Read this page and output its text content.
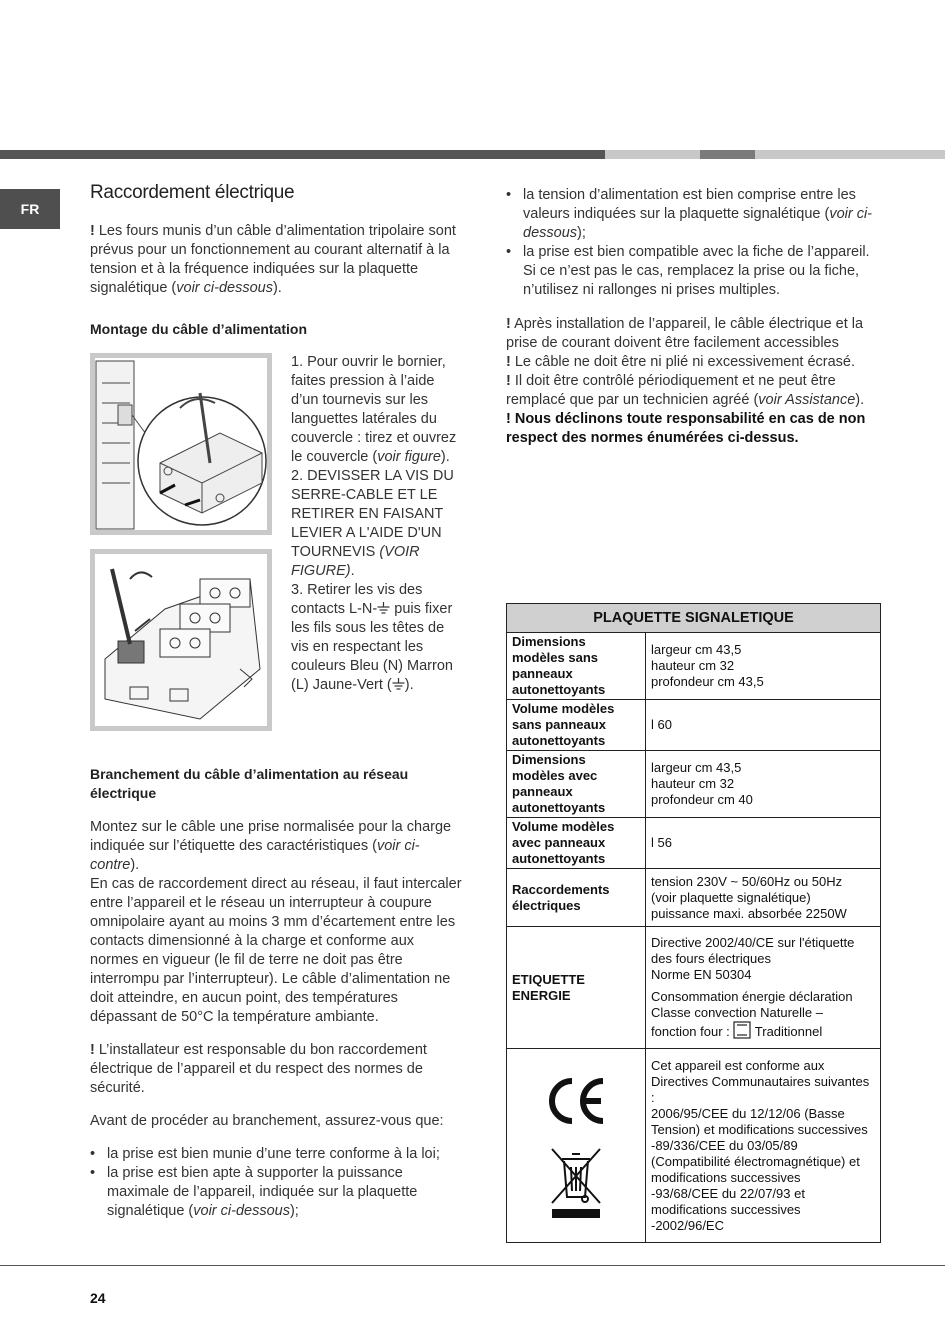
FR
Raccordement électrique

! Les fours munis d’un câble d’alimentation tripolaire sont prévus pour un fonctionnement au courant alternatif à la tension et à la fréquence indiquées sur la plaquette signalétique (voir ci-dessous).

Montage du câble d’alimentation

1. Pour ouvrir le bornier, faites pression à l’aide d’un tournevis sur les languettes latérales du couvercle : tirez et ouvrez le couvercle (voir figure).

2. DEVISSER LA VIS DU SERRE-CABLE ET LE RETIRER EN FAISANT LEVIER A L'AIDE D'UN TOURNEVIS (VOIR FIGURE).

3. Retirer les vis des contacts L-N- puis fixer les fils sous les têtes de vis en respectant les couleurs Bleu (N) Marron (L) Jaune-Vert ( ).

Branchement du câble d’alimentation au réseau électrique

Montez sur le câble une prise normalisée pour la charge indiquée sur l’étiquette des caractéristiques (voir ci-contre).

En cas de raccordement direct au réseau, il faut intercaler entre l’appareil et le réseau un interrupteur à coupure omnipolaire ayant au moins 3 mm d’écartement entre les contacts dimensionné à la charge et conforme aux normes en vigueur (le fil de terre ne doit pas être interrompu par l’interrupteur). Le câble d’alimentation ne doit atteindre, en aucun point, des températures dépassant de 50°C la température ambiante.

! L’installateur est responsable du bon raccordement électrique de l’appareil et du respect des normes de sécurité.

Avant de procéder au branchement, assurez-vous que:

• la prise est bien munie d’une terre conforme à la loi;
• la prise est bien apte à supporter la puissance maximale de l’appareil, indiquée sur la plaquette signalétique (voir ci-dessous);
• la tension d’alimentation est bien comprise entre les valeurs indiquées sur la plaquette signalétique (voir ci-dessous);
• la prise est bien compatible avec la fiche de l’appareil. Si ce n’est pas le cas, remplacez la prise ou la fiche, n’utilisez ni rallonges ni prises multiples.

! Après installation de l’appareil, le câble électrique et la prise de courant doivent être facilement accessibles

! Le câble ne doit être ni plié ni excessivement écrasé.

! Il doit être contrôlé périodiquement et ne peut être remplacé que par un technicien agréé (voir Assistance).

! Nous déclinons toute responsabilité en cas de non respect des normes énumérées ci-dessus.

PLAQUETTE SIGNALETIQUE	
Dimensions modèles sans panneaux autonettoyants	largeur cm 43,5
hauteur cm 32
profondeur cm 43,5

Volume modèles sans panneaux autonettoyants	l 60
Dimensions modèles avec panneaux autonettoyants	largeur cm 43,5
hauteur cm 32
profondeur cm 40

Volume modèles avec panneaux autonettoyants	l 56
Raccordements électriques	tension 230V ~ 50/60Hz ou 50Hz
(voir plaquette signalétique)
puissance maxi. absorbée 2250W

ETIQUETTE ENERGIE	Directive 2002/40/CE sur l'étiquette des fours électriques
Norme EN 50304
Consommation énergie déclaration Classe convection Naturelle –
fonction four :  Traditionnel

Cet appareil est conforme aux Directives Communautaires suivantes :
2006/95/CEE du 12/12/06 (Basse Tension) et modifications successives
-89/336/CEE du 03/05/89 (Compatibilité électromagnétique) et modifications successives
-93/68/CEE du 22/07/93 et modifications successives
-2002/96/EC
24
